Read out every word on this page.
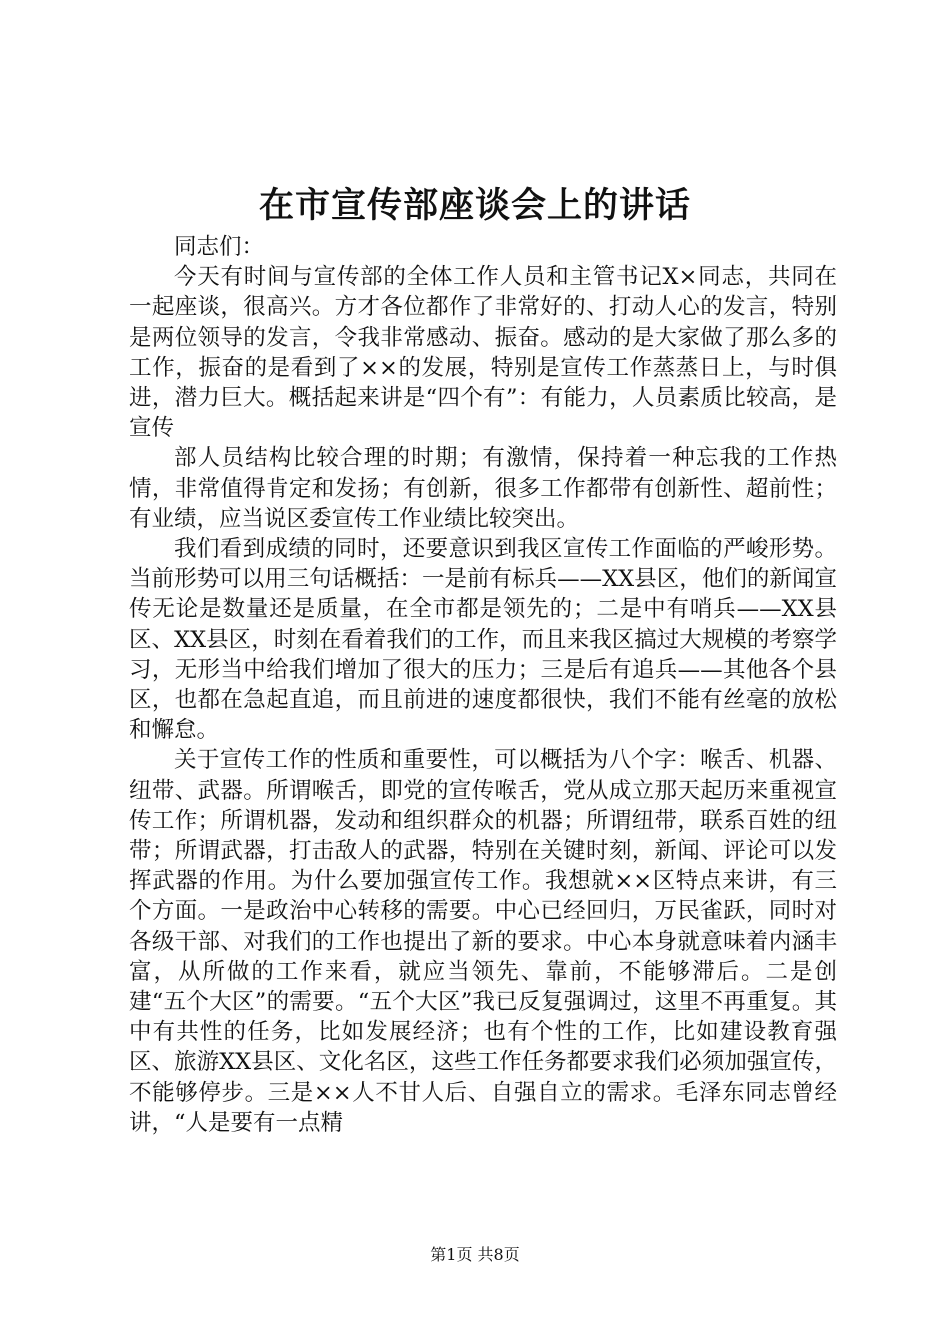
在市宣传部座谈会上的讲话

同志们：

今天有时间与宣传部的全体工作人员和主管书记X×同志，共同在一起座谈，很高兴。方才各位都作了非常好的、打动人心的发言，特别是两位领导的发言，令我非常感动、振奋。感动的是大家做了那么多的工作，振奋的是看到了××的发展，特别是宣传工作蒸蒸日上，与时俱进，潜力巨大。概括起来讲是“四个有”：有能力，人员素质比较高，是宣传

部人员结构比较合理的时期；有激情，保持着一种忘我的工作热情，非常值得肯定和发扬；有创新，很多工作都带有创新性、超前性；有业绩，应当说区委宣传工作业绩比较突出。

我们看到成绩的同时，还要意识到我区宣传工作面临的严峻形势。当前形势可以用三句话概括：一是前有标兵——XX县区，他们的新闻宣传无论是数量还是质量，在全市都是领先的；二是中有哨兵——XX县区、XX县区，时刻在看着我们的工作，而且来我区搞过大规模的考察学习，无形当中给我们增加了很大的压力；三是后有追兵——其他各个县区，也都在急起直追，而且前进的速度都很快，我们不能有丝毫的放松和懈怠。

关于宣传工作的性质和重要性，可以概括为八个字：喉舌、机器、纽带、武器。所谓喉舌，即党的宣传喉舌，党从成立那天起历来重视宣传工作；所谓机器，发动和组织群众的机器；所谓纽带，联系百姓的纽带；所谓武器，打击敌人的武器，特别在关键时刻，新闻、评论可以发挥武器的作用。为什么要加强宣传工作。我想就××区特点来讲，有三个方面。一是政治中心转移的需要。中心已经回归，万民雀跃，同时对各级干部、对我们的工作也提出了新的要求。中心本身就意味着内涵丰富，从所做的工作来看，就应当领先、靠前，不能够滞后。二是创建“五个大区”的需要。“五个大区”我已反复强调过，这里不再重复。其中有共性的任务，比如发展经济；也有个性的工作，比如建设教育强区、旅游XX县区、文化名区，这些工作任务都要求我们必须加强宣传，不能够停步。三是××人不甘人后、自强自立的需求。毛泽东同志曾经讲，“人是要有一点精

第1页 共8页
